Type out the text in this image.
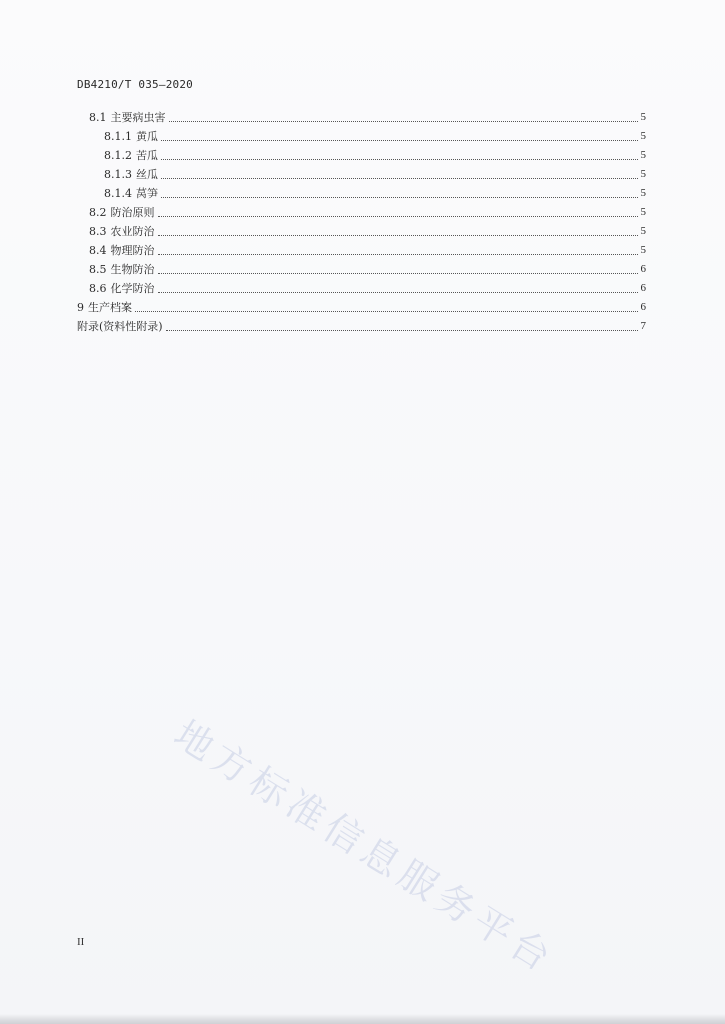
DB4210/T 035—2020
8.1 主要病虫害	5
8.1.1 黄瓜	5
8.1.2 苦瓜	5
8.1.3 丝瓜	5
8.1.4 莴笋	5
8.2 防治原则	5
8.3 农业防治	5
8.4 物理防治	5
8.5 生物防治	6
8.6 化学防治	6
9 生产档案	6
附录(资料性附录)	7
地方标准信息服务平台
II
